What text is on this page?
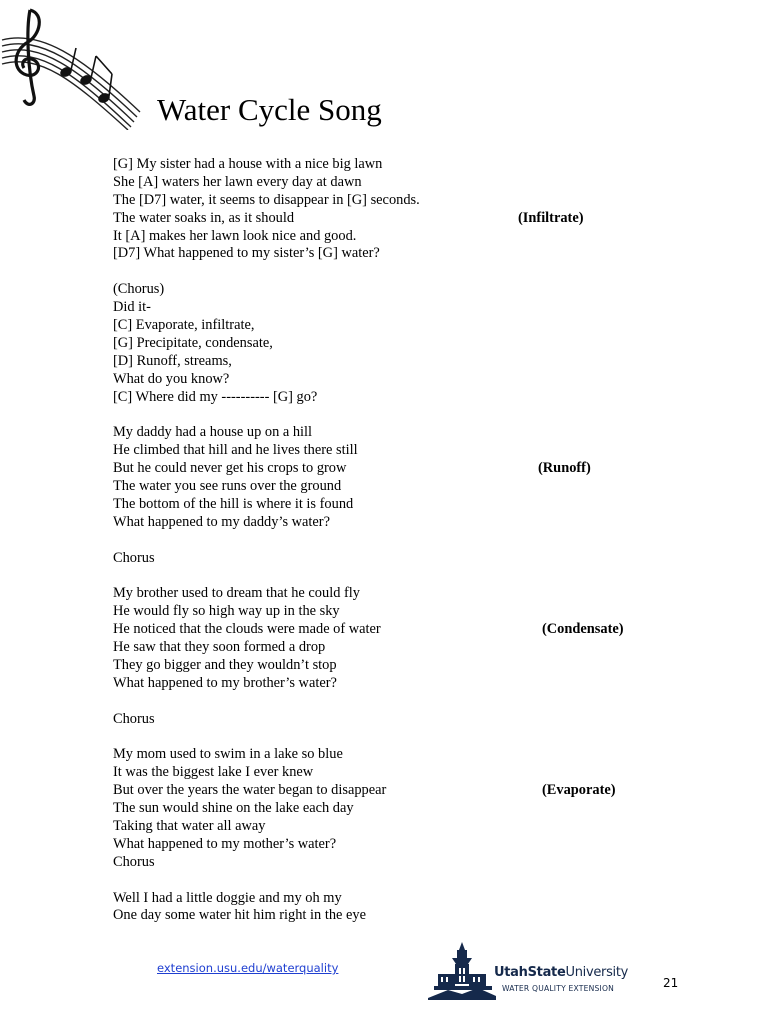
Water Cycle Song
[G] My sister had a house with a nice big lawn
She [A] waters her lawn every day at dawn
The [D7] water, it seems to disappear in [G] seconds.
The water soaks in, as it should	(Infiltrate)
It [A] makes her lawn look nice and good.
[D7] What happened to my sister’s [G] water?
(Chorus)
Did it-
[C] Evaporate, infiltrate,
[G] Precipitate, condensate,
[D] Runoff, streams,
What do you know?
[C] Where did my ---------- [G] go?
My daddy had a house up on a hill
He climbed that hill and he lives there still
But he could never get his crops to grow	(Runoff)
The water you see runs over the ground
The bottom of the hill is where it is found
What happened to my daddy’s water?
Chorus
My brother used to dream that he could fly
He would fly so high way up in the sky
He noticed that the clouds were made of water	(Condensate)
He saw that they soon formed a drop
They go bigger and they wouldn’t stop
What happened to my brother’s water?
Chorus
My mom used to swim in a lake so blue
It was the biggest lake I ever knew
But over the years the water began to disappear	(Evaporate)
The sun would shine on the lake each day
Taking that water all away
What happened to my mother’s water?
Chorus
Well I had a little doggie and my oh my
One day some water hit him right in the eye
extension.usu.edu/waterquality	UtahStateUniversity
WATER QUALITY EXTENSION	21
